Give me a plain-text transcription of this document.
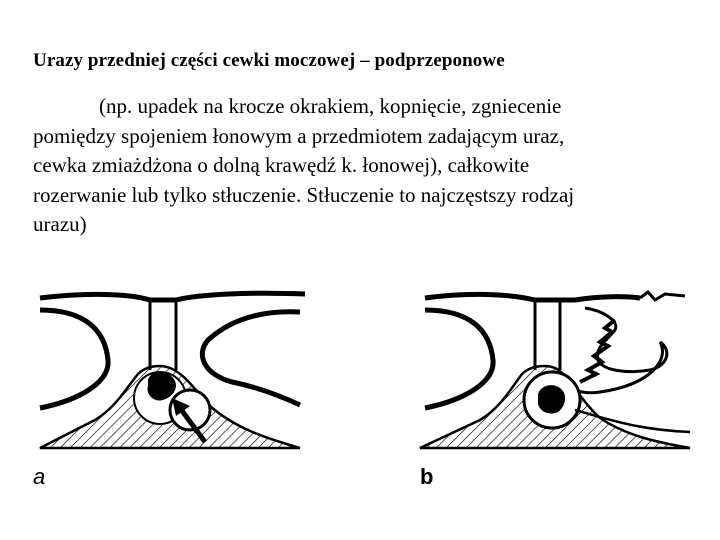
Urazy przedniej części cewki moczowej – podprzeponowe
(np. upadek na krocze okrakiem, kopnięcie, zgniecenie
pomiędzy spojeniem łonowym a przedmiotem zadającym uraz,
cewka zmiażdżona o dolną krawędź k. łonowej), całkowite
rozerwanie lub tylko stłuczenie. Stłuczenie to najczęstszy rodzaj
urazu)
a	b
